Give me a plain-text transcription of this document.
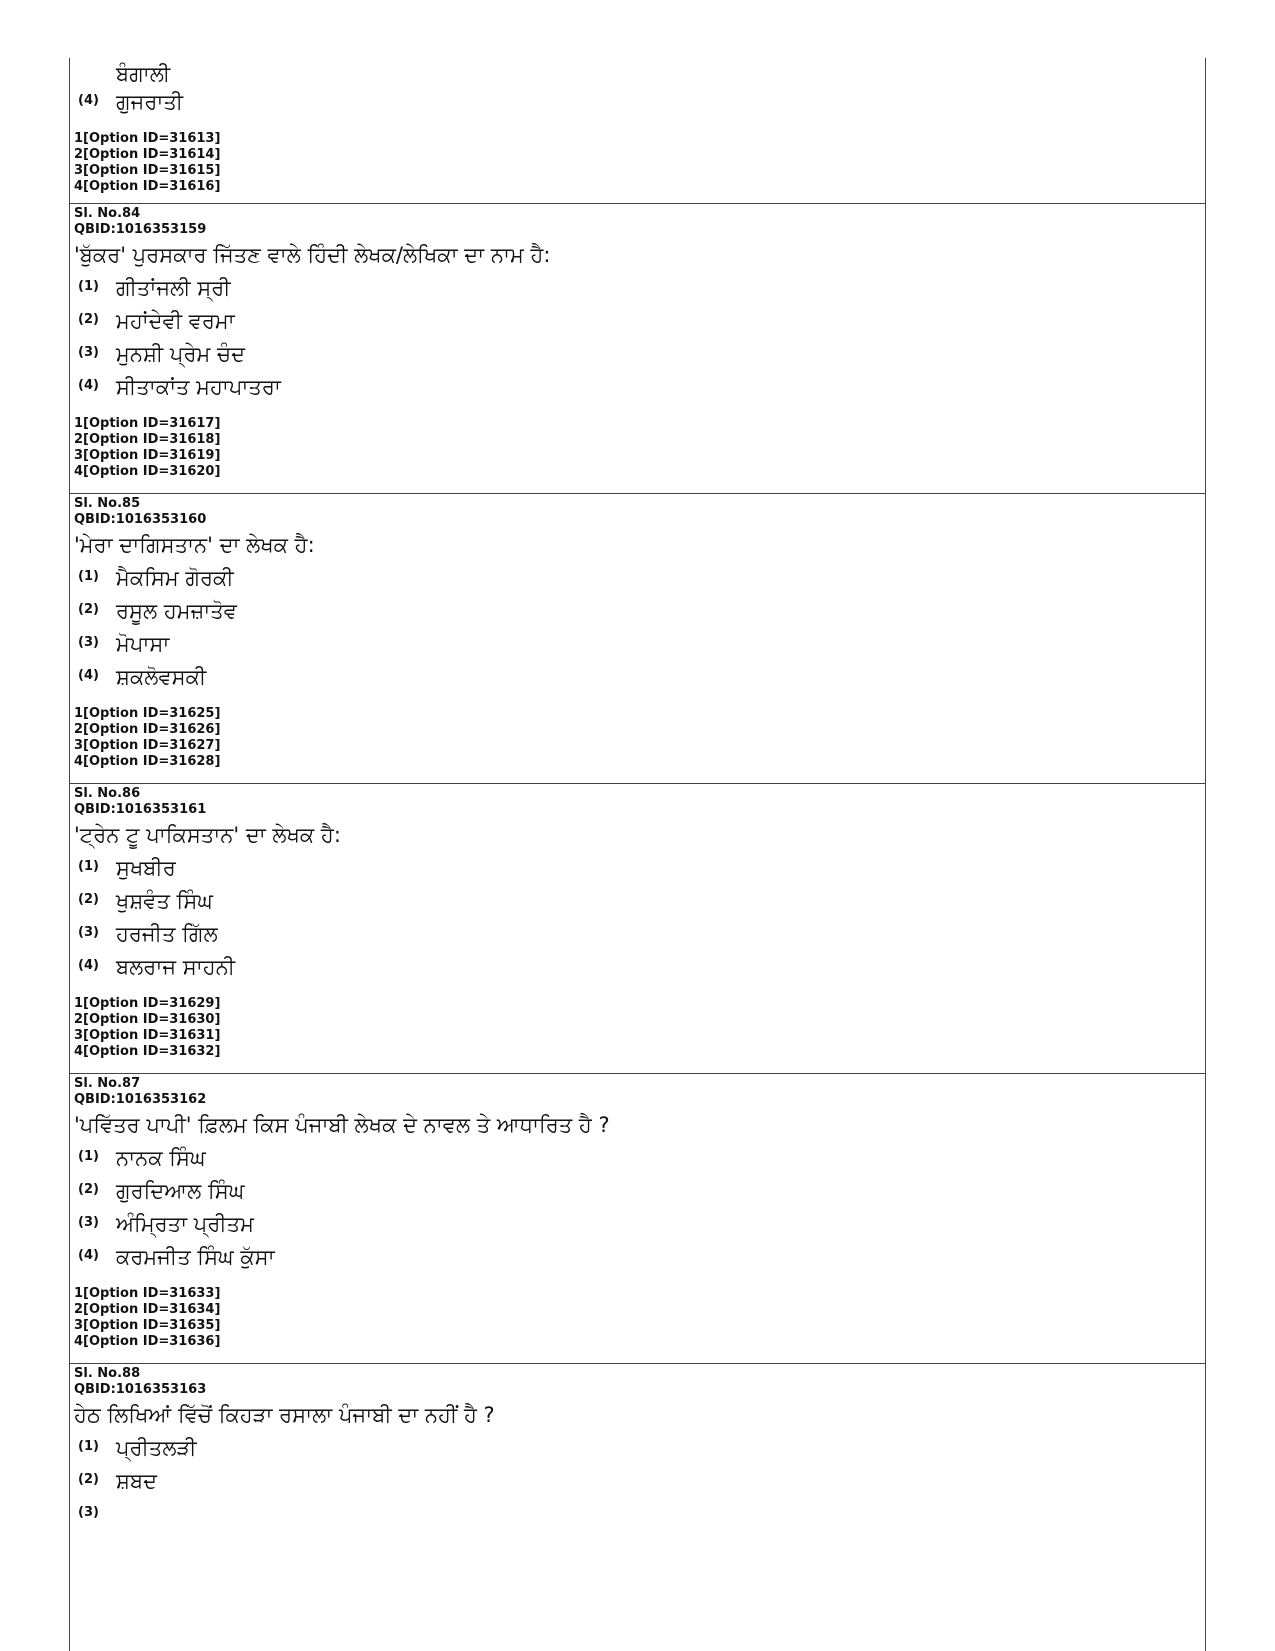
ਬੰਗਾਲੀ
(4) ਗੁਜਰਾਤੀ
1[Option ID=31613]
2[Option ID=31614]
3[Option ID=31615]
4[Option ID=31616]
Sl. No.84
QBID:1016353159
'ਬੁੱਕਰ' ਪੁਰਸਕਾਰ ਜਿੱਤਣ ਵਾਲੇ ਹਿੰਦੀ ਲੇਖਕ/ਲੇਖਿਕਾ ਦਾ ਨਾਮ ਹੈ:
(1) ਗੀਤਾਂਜਲੀ ਸ੍ਰੀ
(2) ਮਹਾਂਦੇਵੀ ਵਰਮਾ
(3) ਮੁਨਸ਼ੀ ਪ੍ਰੇਮ ਚੰਦ
(4) ਸੀਤਾਕਾਂਤ ਮਹਾਪਾਤਰਾ
1[Option ID=31617]
2[Option ID=31618]
3[Option ID=31619]
4[Option ID=31620]
Sl. No.85
QBID:1016353160
'ਮੇਰਾ ਦਾਗਿਸਤਾਨ' ਦਾ ਲੇਖਕ ਹੈ:
(1) ਮੈਕਸਿਮ ਗੋਰਕੀ
(2) ਰਸੂਲ ਹਮਜ਼ਾਤੋਵ
(3) ਮੋਪਾਸਾ
(4) ਸ਼ਕਲੋਵਸਕੀ
1[Option ID=31625]
2[Option ID=31626]
3[Option ID=31627]
4[Option ID=31628]
Sl. No.86
QBID:1016353161
'ਟ੍ਰੇਨ ਟੂ ਪਾਕਿਸਤਾਨ' ਦਾ ਲੇਖਕ ਹੈ:
(1) ਸੁਖਬੀਰ
(2) ਖੁਸ਼ਵੰਤ ਸਿੰਘ
(3) ਹਰਜੀਤ ਗਿੱਲ
(4) ਬਲਰਾਜ ਸਾਹਨੀ
1[Option ID=31629]
2[Option ID=31630]
3[Option ID=31631]
4[Option ID=31632]
Sl. No.87
QBID:1016353162
'ਪਵਿੱਤਰ ਪਾਪੀ' ਫ਼ਿਲਮ ਕਿਸ ਪੰਜਾਬੀ ਲੇਖਕ ਦੇ ਨਾਵਲ ਤੇ ਆਧਾਰਿਤ ਹੈ ?
(1) ਨਾਨਕ ਸਿੰਘ
(2) ਗੁਰਦਿਆਲ ਸਿੰਘ
(3) ਅੰਮ੍ਰਿਤਾ ਪ੍ਰੀਤਮ
(4) ਕਰਮਜੀਤ ਸਿੰਘ ਕੁੱਸਾ
1[Option ID=31633]
2[Option ID=31634]
3[Option ID=31635]
4[Option ID=31636]
Sl. No.88
QBID:1016353163
ਹੇਠ ਲਿਖਿਆਂ ਵਿੱਚੋਂ ਕਿਹੜਾ ਰਸਾਲਾ ਪੰਜਾਬੀ ਦਾ ਨਹੀਂ ਹੈ ?
(1) ਪ੍ਰੀਤਲੜੀ
(2) ਸ਼ਬਦ
(3)
